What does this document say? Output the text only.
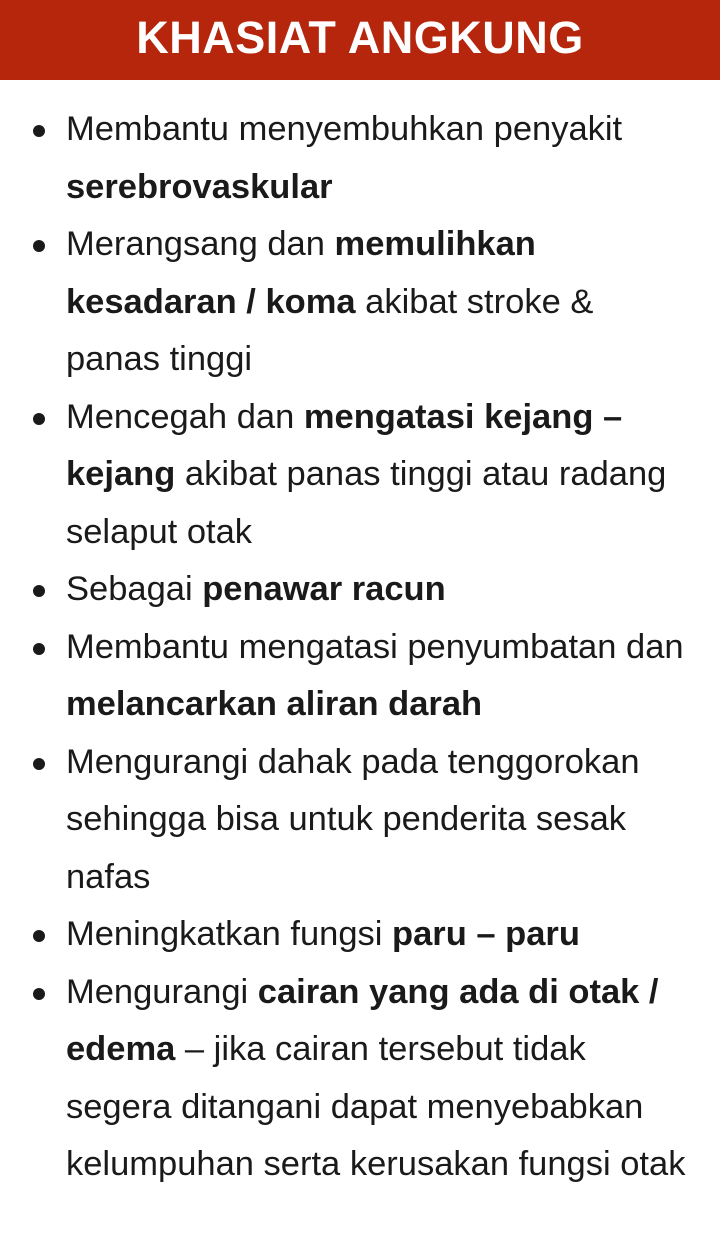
KHASIAT ANGKUNG
Membantu menyembuhkan penyakit serebrovaskular
Merangsang dan memulihkan kesadaran / koma akibat stroke & panas tinggi
Mencegah dan mengatasi kejang – kejang akibat panas tinggi atau radang selaput otak
Sebagai penawar racun
Membantu mengatasi penyumbatan dan melancarkan aliran darah
Mengurangi dahak pada tenggorokan sehingga bisa untuk penderita sesak nafas
Meningkatkan fungsi paru – paru
Mengurangi cairan yang ada di otak / edema – jika cairan tersebut tidak segera ditangani dapat menyebabkan kelumpuhan serta kerusakan fungsi otak
